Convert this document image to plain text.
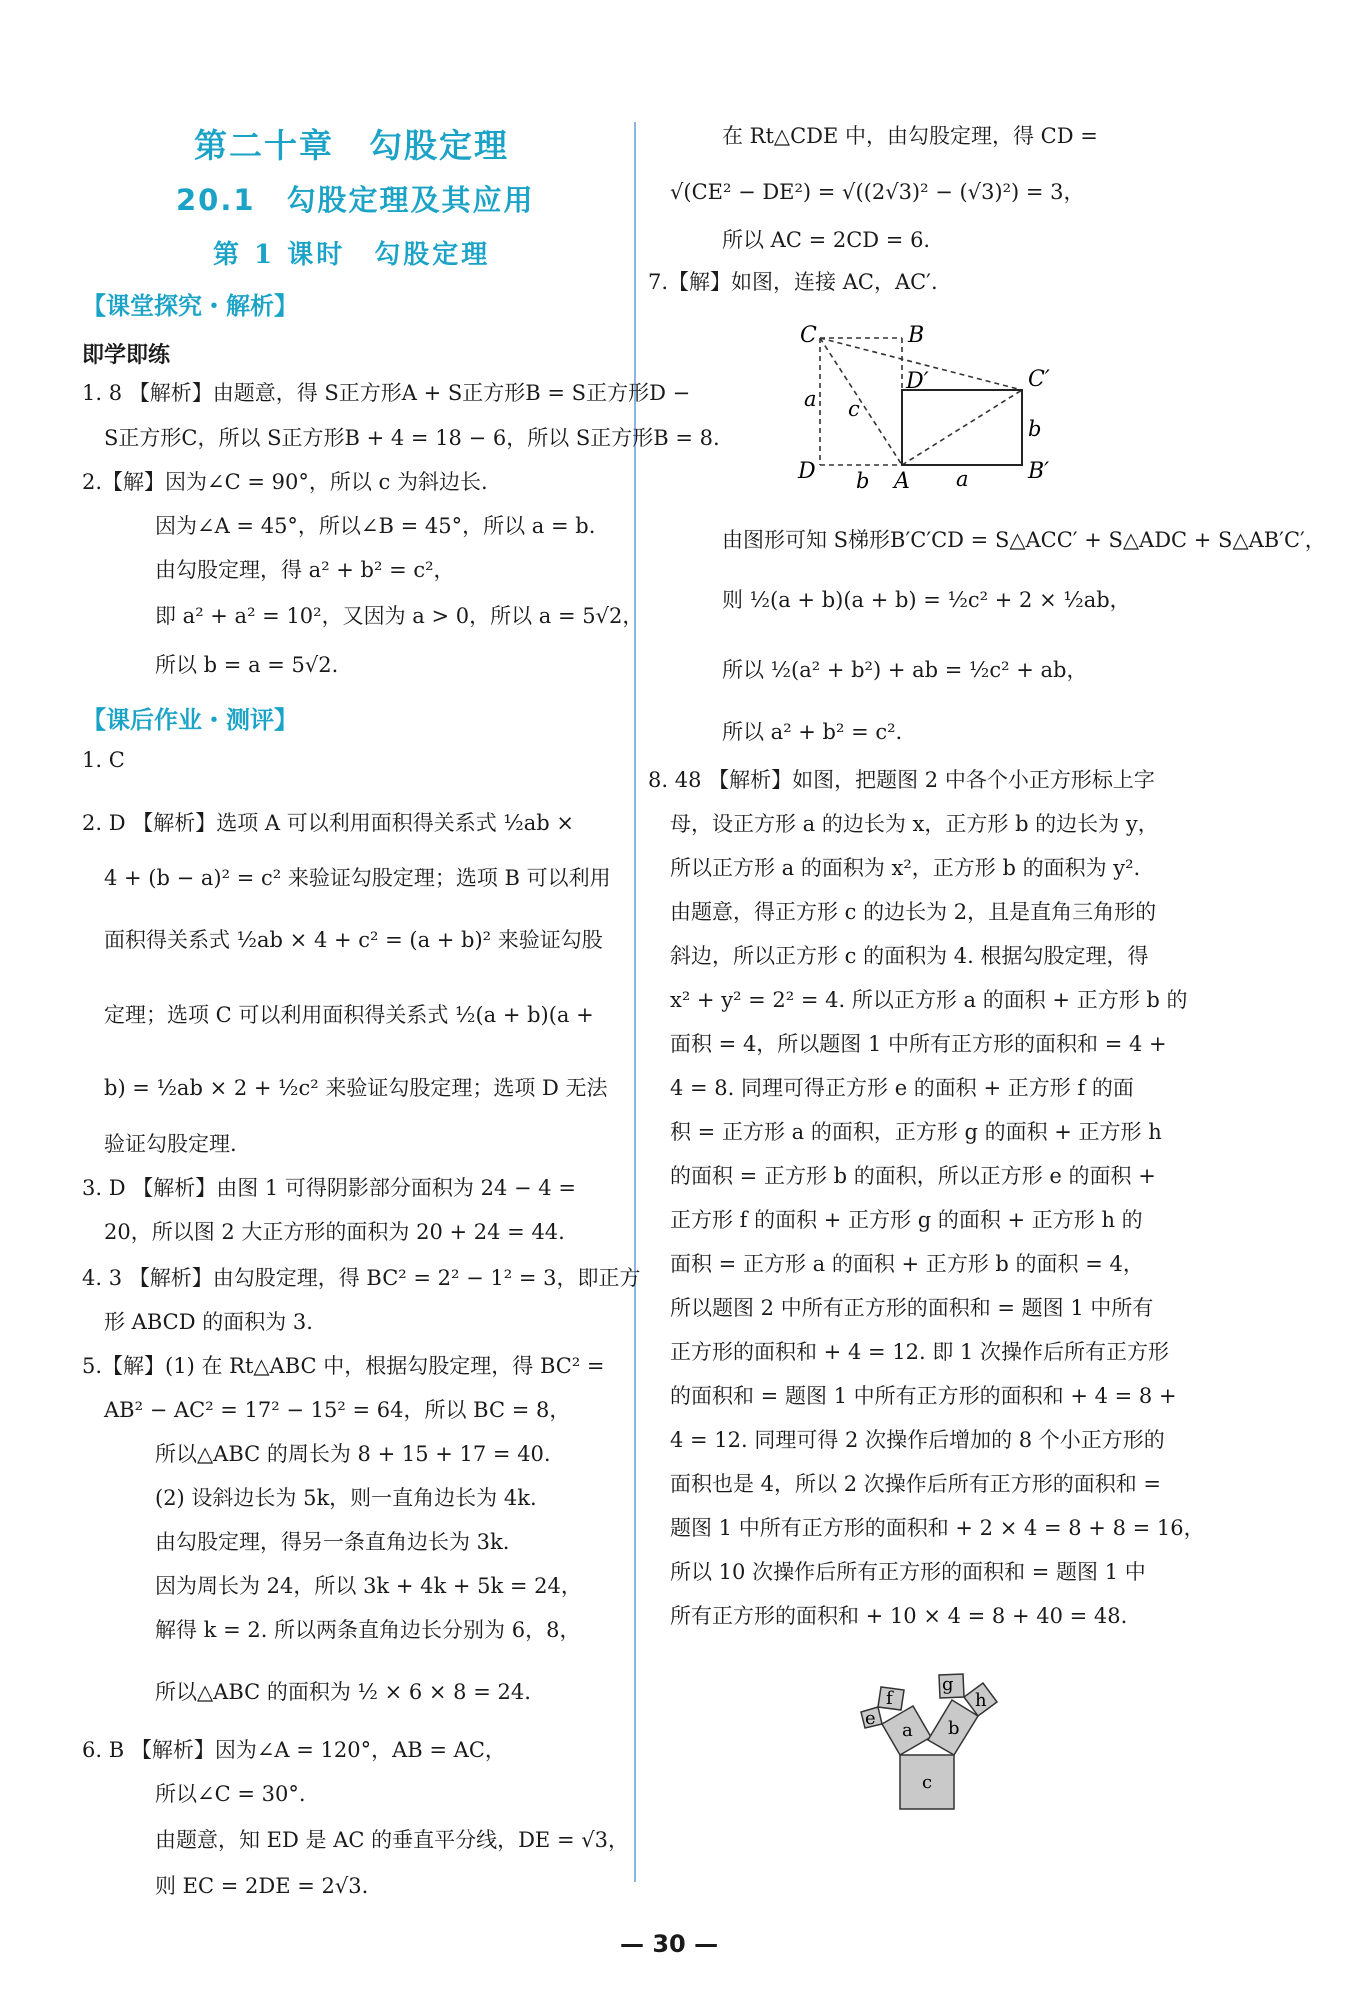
第二十章　勾股定理
20.1　勾股定理及其应用
第 1 课时　勾股定理
【课堂探究・解析】
即学即练
1. 8 【解析】由题意，得 S正方形A + S正方形B = S正方形D −
S正方形C，所以 S正方形B + 4 = 18 − 6，所以 S正方形B = 8.
2.【解】因为∠C = 90°，所以 c 为斜边长.
因为∠A = 45°，所以∠B = 45°，所以 a = b.
由勾股定理，得 a² + b² = c²，
即 a² + a² = 10²，又因为 a > 0，所以 a = 5√2，
所以 b = a = 5√2.
【课后作业・测评】
1. C
2. D 【解析】选项 A 可以利用面积得关系式 ½ab ×
4 + (b − a)² = c² 来验证勾股定理；选项 B 可以利用
面积得关系式 ½ab × 4 + c² = (a + b)² 来验证勾股
定理；选项 C 可以利用面积得关系式 ½(a + b)(a +
b) = ½ab × 2 + ½c² 来验证勾股定理；选项 D 无法
验证勾股定理.
3. D 【解析】由图 1 可得阴影部分面积为 24 − 4 =
20，所以图 2 大正方形的面积为 20 + 24 = 44.
4. 3 【解析】由勾股定理，得 BC² = 2² − 1² = 3，即正方
形 ABCD 的面积为 3.
5.【解】(1) 在 Rt△ABC 中，根据勾股定理，得 BC² =
AB² − AC² = 17² − 15² = 64，所以 BC = 8，
所以△ABC 的周长为 8 + 15 + 17 = 40.
(2) 设斜边长为 5k，则一直角边长为 4k.
由勾股定理，得另一条直角边长为 3k.
因为周长为 24，所以 3k + 4k + 5k = 24，
解得 k = 2. 所以两条直角边长分别为 6，8，
所以△ABC 的面积为 ½ × 6 × 8 = 24.
6. B 【解析】因为∠A = 120°，AB = AC，
所以∠C = 30°.
由题意，知 ED 是 AC 的垂直平分线，DE = √3，
则 EC = 2DE = 2√3.
在 Rt△CDE 中，由勾股定理，得 CD =
√(CE² − DE²) = √((2√3)² − (√3)²) = 3，
所以 AC = 2CD = 6.
7.【解】如图，连接 AC，AC′.
C	B
D′	C′
a c
b
D b A a	B′
由图形可知 S梯形B′C′CD = S△ACC′ + S△ADC + S△AB′C′，
则 ½(a + b)(a + b) = ½c² + 2 × ½ab，
所以 ½(a² + b²) + ab = ½c² + ab，
所以 a² + b² = c².
8. 48 【解析】如图，把题图 2 中各个小正方形标上字
母，设正方形 a 的边长为 x，正方形 b 的边长为 y，
所以正方形 a 的面积为 x²，正方形 b 的面积为 y².
由题意，得正方形 c 的边长为 2，且是直角三角形的
斜边，所以正方形 c 的面积为 4. 根据勾股定理，得
x² + y² = 2² = 4. 所以正方形 a 的面积 + 正方形 b 的
面积 = 4，所以题图 1 中所有正方形的面积和 = 4 +
4 = 8. 同理可得正方形 e 的面积 + 正方形 f 的面
积 = 正方形 a 的面积，正方形 g 的面积 + 正方形 h
的面积 = 正方形 b 的面积，所以正方形 e 的面积 +
正方形 f 的面积 + 正方形 g 的面积 + 正方形 h 的
面积 = 正方形 a 的面积 + 正方形 b 的面积 = 4，
所以题图 2 中所有正方形的面积和 = 题图 1 中所有
正方形的面积和 + 4 = 12. 即 1 次操作后所有正方形
的面积和 = 题图 1 中所有正方形的面积和 + 4 = 8 +
4 = 12. 同理可得 2 次操作后增加的 8 个小正方形的
面积也是 4，所以 2 次操作后所有正方形的面积和 =
题图 1 中所有正方形的面积和 + 2 × 4 = 8 + 8 = 16，
所以 10 次操作后所有正方形的面积和 = 题图 1 中
所有正方形的面积和 + 10 × 4 = 8 + 40 = 48.
g
f	h
e
a b
c
— 30 —
